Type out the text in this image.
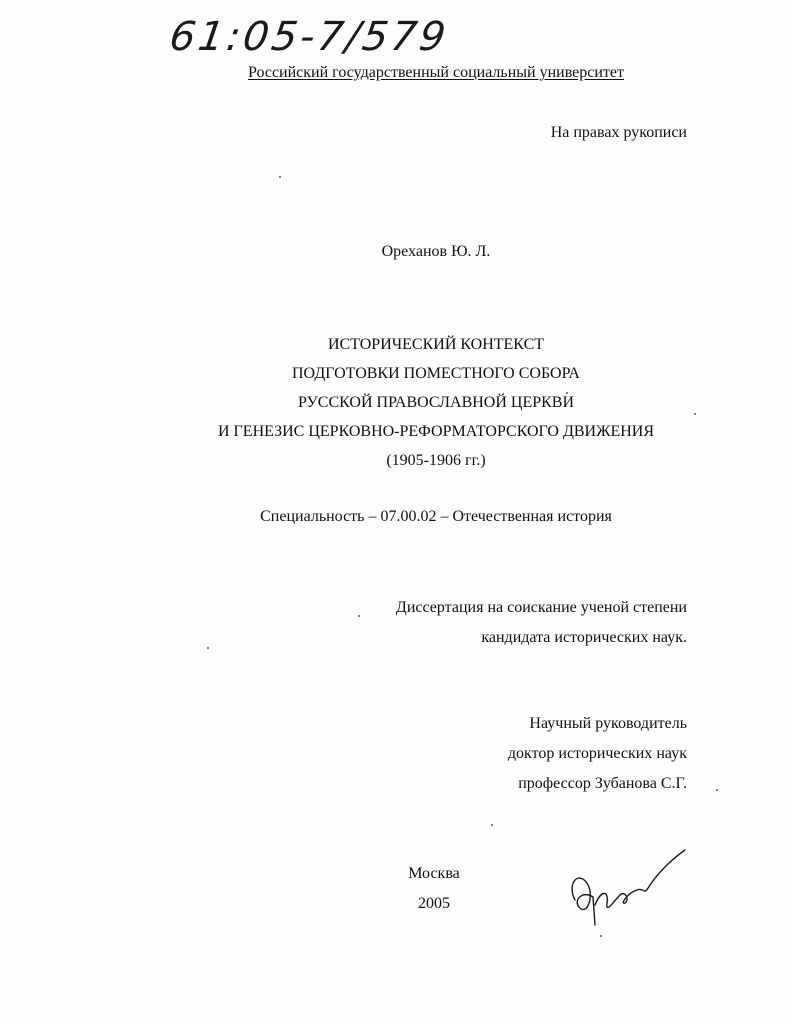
61:05-7/579
Российский государственный социальный университет
На правах рукописи
Ореханов Ю. Л.
ИСТОРИЧЕСКИЙ КОНТЕКСТ
ПОДГОТОВКИ ПОМЕСТНОГО СОБОРА
РУССКОЙ ПРАВОСЛАВНОЙ ЦЕРКВИ
И ГЕНЕЗИС ЦЕРКОВНО-РЕФОРМАТОРСКОГО ДВИЖЕНИЯ
(1905-1906 гг.)
Специальность – 07.00.02 – Отечественная история
Диссертация на соискание ученой степени
кандидата исторических наук.
Научный руководитель
доктор исторических наук
профессор Зубанова С.Г.
Москва
2005
